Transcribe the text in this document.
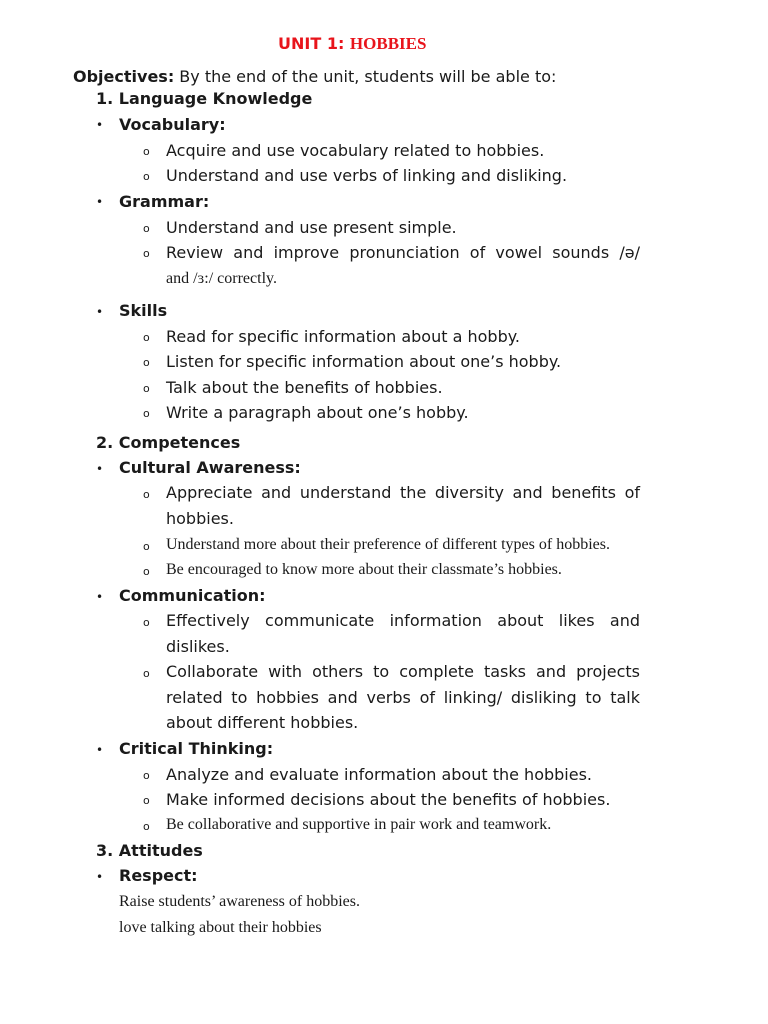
UNIT 1: HOBBIES
Objectives: By the end of the unit, students will be able to:
1. Language Knowledge
• Vocabulary:
o Acquire and use vocabulary related to hobbies.
o Understand and use verbs of linking and disliking.
• Grammar:
o Understand and use present simple.
o Review and improve pronunciation of vowel sounds /ə/
and /ɜ:/ correctly.
• Skills
o Read for specific information about a hobby.
o Listen for specific information about one’s hobby.
o Talk about the benefits of hobbies.
o Write a paragraph about one’s hobby.
2. Competences
• Cultural Awareness:
o Appreciate and understand the diversity and benefits of hobbies.
o Understand more about their preference of different types of hobbies.
o Be encouraged to know more about their classmate’s hobbies.
• Communication:
o Effectively communicate information about likes and dislikes.
o Collaborate with others to complete tasks and projects related to hobbies and verbs of linking/ disliking to talk about different hobbies.
• Critical Thinking:
o Analyze and evaluate information about the hobbies.
o Make informed decisions about the benefits of hobbies.
o Be collaborative and supportive in pair work and teamwork.
3. Attitudes
• Respect:
Raise students’ awareness of hobbies.
love talking about their hobbies
